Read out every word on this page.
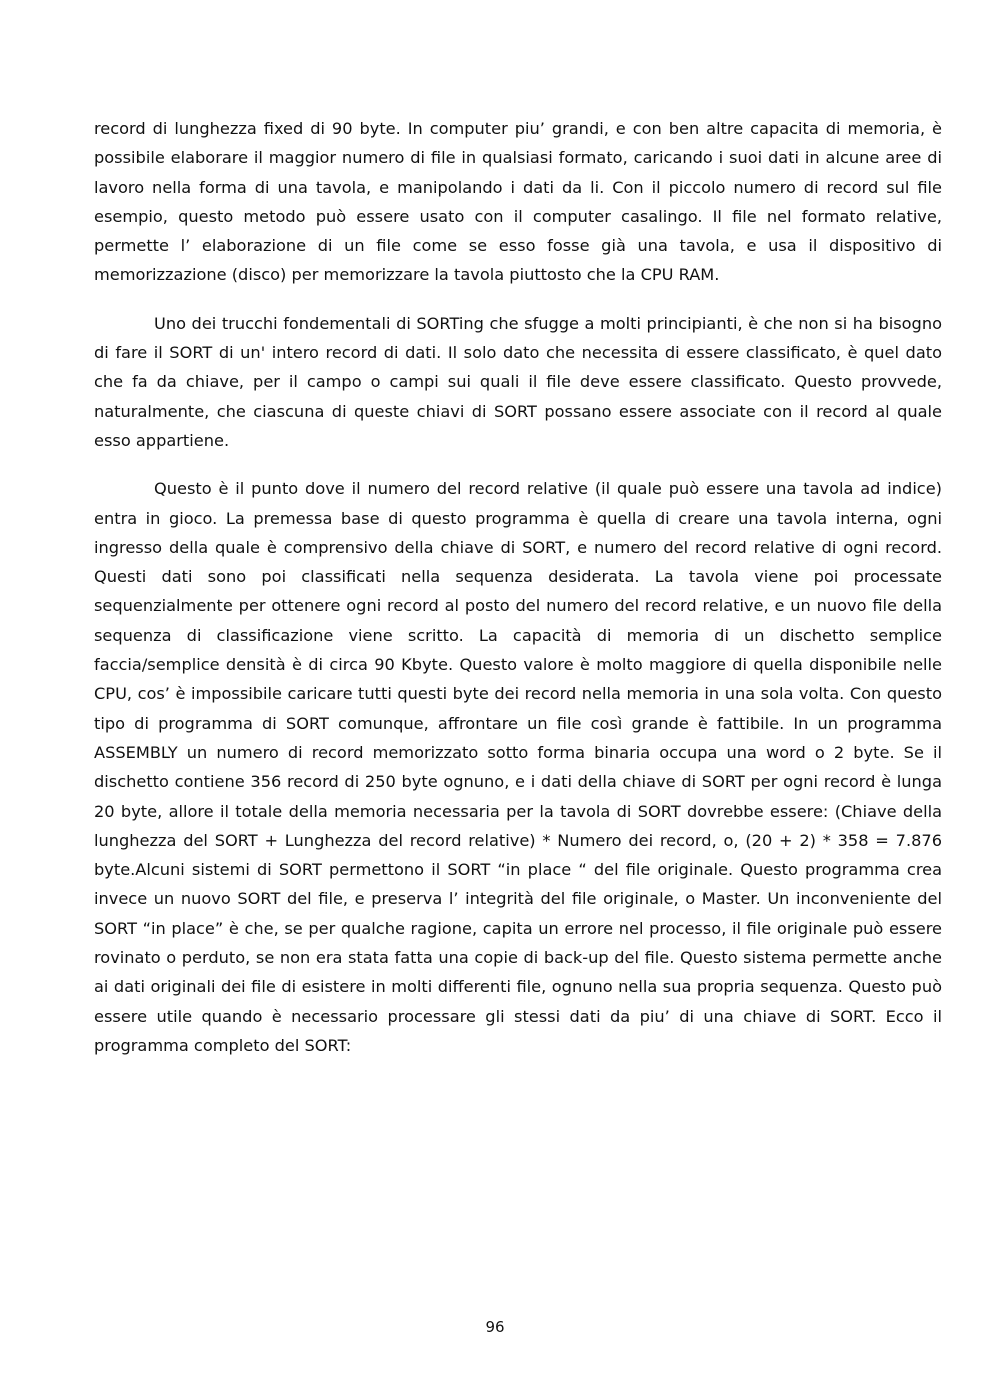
record di lunghezza fixed di 90 byte. In computer piu’ grandi, e con ben altre capacita di memoria, è possibile elaborare il maggior numero di file in qualsiasi formato, caricando i suoi dati in alcune aree di lavoro nella forma di una tavola, e manipolando i dati da li. Con il piccolo numero di record sul file esempio, questo metodo può essere usato con il computer casalingo. Il file nel formato relative, permette l’ elaborazione di un file come se esso fosse già una tavola, e usa il dispositivo di memorizzazione (disco) per memorizzare la tavola piuttosto che la CPU RAM.

Uno dei trucchi fondementali di SORTing che sfugge a molti principianti, è che non si ha bisogno di fare il SORT di un' intero record di dati. Il solo dato che necessita di essere classificato, è quel dato che fa da chiave, per il campo o campi sui quali il file deve essere classificato. Questo provvede, naturalmente, che ciascuna di queste chiavi di SORT possano essere associate con il record al quale esso appartiene.

Questo è il punto dove il numero del record relative (il quale può essere una tavola ad indice) entra in gioco. La premessa base di questo programma è quella di creare una tavola interna, ogni ingresso della quale è comprensivo della chiave di SORT, e numero del record relative di ogni record. Questi dati sono poi classificati nella sequenza desiderata. La tavola viene poi processate sequenzialmente per ottenere ogni record al posto del numero del record relative, e un nuovo file della sequenza di classificazione viene scritto. La capacità di memoria di un dischetto semplice faccia/semplice densità è di circa 90 Kbyte. Questo valore è molto maggiore di quella disponibile nelle CPU, cos’ è impossibile caricare tutti questi byte dei record nella memoria in una sola volta. Con questo tipo di programma di SORT comunque, affrontare un file così grande è fattibile. In un programma ASSEMBLY un numero di record memorizzato sotto forma binaria occupa una word o 2 byte. Se il dischetto contiene 356 record di 250 byte ognuno, e i dati della chiave di SORT per ogni record è lunga 20 byte, allore il totale della memoria necessaria per la tavola di SORT dovrebbe essere: (Chiave della lunghezza del SORT + Lunghezza del record relative) * Numero dei record, o, (20 + 2) * 358 = 7.876 byte.Alcuni sistemi di SORT permettono il SORT “in place “ del file originale. Questo programma crea invece un nuovo SORT del file, e preserva l’ integrità del file originale, o Master. Un inconveniente del SORT “in place” è che, se per qualche ragione, capita un errore nel processo, il file originale può essere rovinato o perduto, se non era stata fatta una copie di back-up del file. Questo sistema permette anche ai dati originali dei file di esistere in molti differenti file, ognuno nella sua propria sequenza. Questo può essere utile quando è necessario processare gli stessi dati da piu’ di una chiave di SORT. Ecco il programma completo del SORT:

96
